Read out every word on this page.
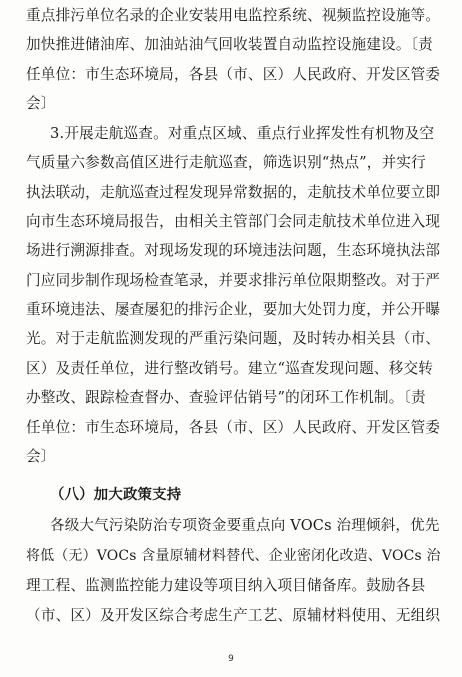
重点排污单位名录的企业安装用电监控系统、视频监控设施等。
加快推进储油库、加油站油气回收装置自动监控设施建设。〔责
任单位：市生态环境局，各县（市、区）人民政府、开发区管委
会〕
3.开展走航巡查。对重点区域、重点行业挥发性有机物及空
气质量六参数高值区进行走航巡查，筛选识别“热点”，并实行
执法联动，走航巡查过程发现异常数据的，走航技术单位要立即
向市生态环境局报告，由相关主管部门会同走航技术单位进入现
场进行溯源排查。对现场发现的环境违法问题，生态环境执法部
门应同步制作现场检查笔录，并要求排污单位限期整改。对于严
重环境违法、屡查屡犯的排污企业，要加大处罚力度，并公开曝
光。对于走航监测发现的严重污染问题，及时转办相关县（市、
区）及责任单位，进行整改销号。建立“巡查发现问题、移交转
办整改、跟踪检查督办、查验评估销号”的闭环工作机制。〔责
任单位：市生态环境局，各县（市、区）人民政府、开发区管委
会〕
（八）加大政策支持
各级大气污染防治专项资金要重点向 VOCs 治理倾斜，优先
将低（无）VOCs 含量原辅材料替代、企业密闭化改造、VOCs 治
理工程、监测监控能力建设等项目纳入项目储备库。鼓励各县
（市、区）及开发区综合考虑生产工艺、原辅材料使用、无组织
9
